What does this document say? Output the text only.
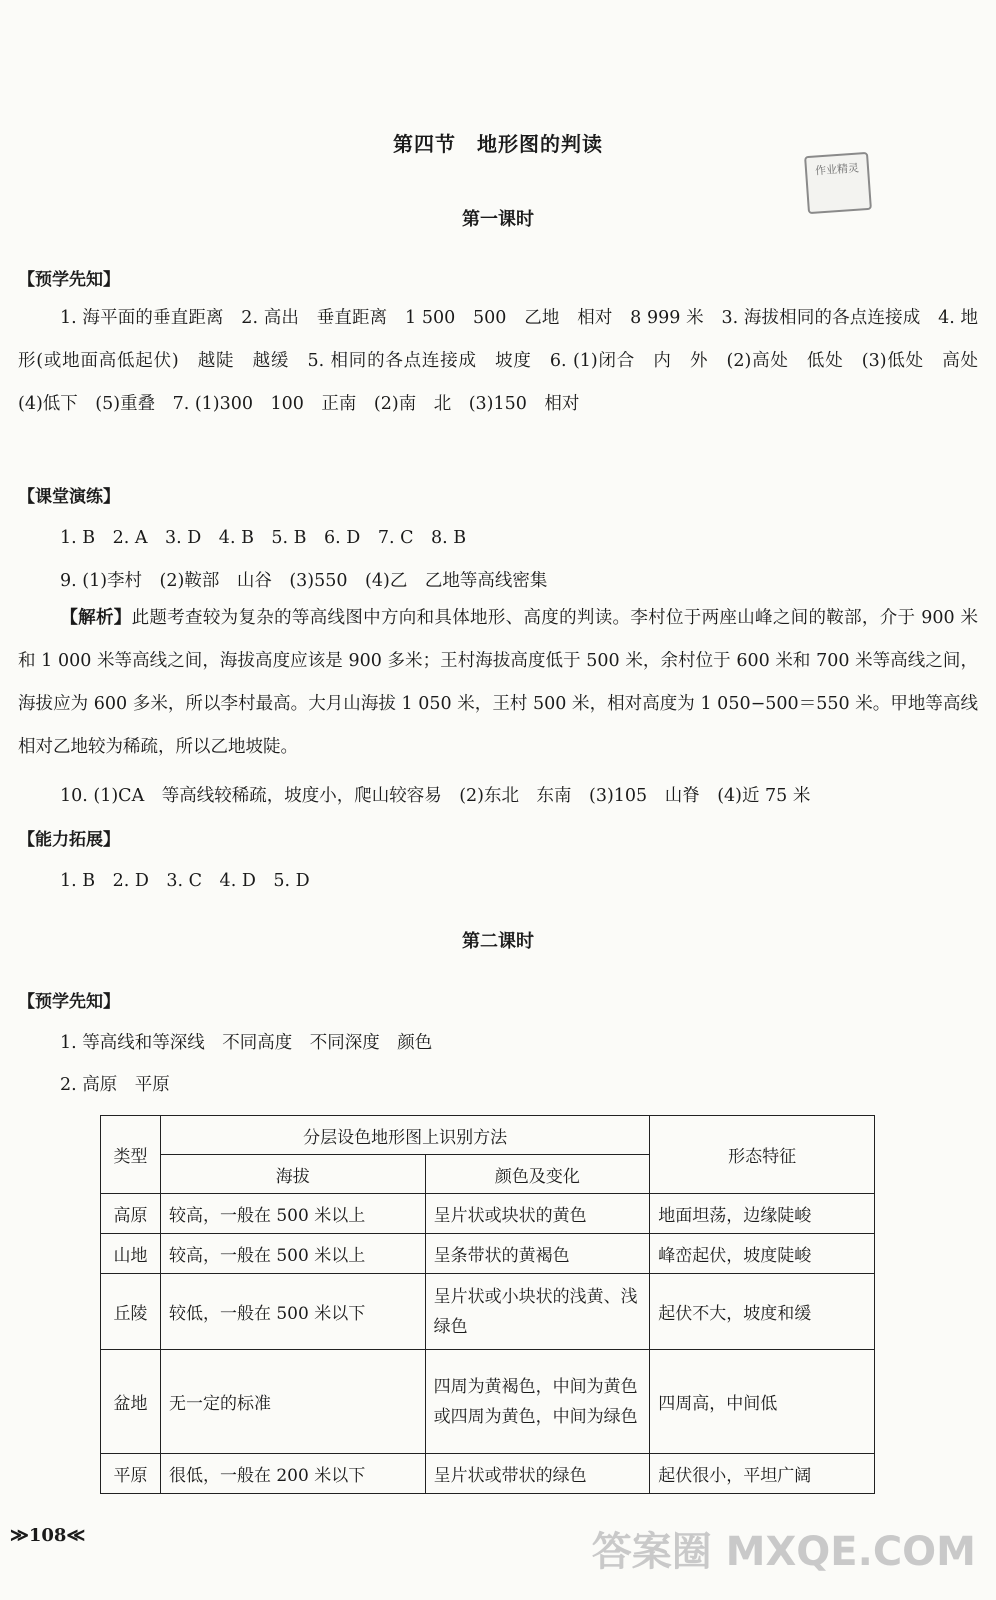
第四节　地形图的判读
作业精灵
第一课时
【预学先知】
1. 海平面的垂直距离　2. 高出　垂直距离　1 500　500　乙地　相对　8 999 米　3. 海拔相同的各点连接成　4. 地形(或地面高低起伏)　越陡　越缓　5. 相同的各点连接成　坡度　6. (1)闭合　内　外　(2)高处　低处　(3)低处　高处　(4)低下　(5)重叠　7. (1)300　100　正南　(2)南　北　(3)150　相对
【课堂演练】
1. B　2. A　3. D　4. B　5. B　6. D　7. C　8. B
9. (1)李村　(2)鞍部　山谷　(3)550　(4)乙　乙地等高线密集
【解析】此题考查较为复杂的等高线图中方向和具体地形、高度的判读。李村位于两座山峰之间的鞍部，介于 900 米和 1 000 米等高线之间，海拔高度应该是 900 多米；王村海拔高度低于 500 米，余村位于 600 米和 700 米等高线之间，海拔应为 600 多米，所以李村最高。大月山海拔 1 050 米，王村 500 米，相对高度为 1 050−500＝550 米。甲地等高线相对乙地较为稀疏，所以乙地坡陡。
10. (1)CA　等高线较稀疏，坡度小，爬山较容易　(2)东北　东南　(3)105　山脊　(4)近 75 米
【能力拓展】
1. B　2. D　3. C　4. D　5. D
第二课时
【预学先知】
1. 等高线和等深线　不同高度　不同深度　颜色
2. 高原　平原
类型	分层设色地形图上识别方法		形态特征
	海拔	颜色及变化	
高原	较高，一般在 500 米以上	呈片状或块状的黄色	地面坦荡，边缘陡峻
山地	较高，一般在 500 米以上	呈条带状的黄褐色	峰峦起伏，坡度陡峻
丘陵	较低，一般在 500 米以下	呈片状或小块状的浅黄、浅绿色	起伏不大，坡度和缓
盆地	无一定的标准	四周为黄褐色，中间为黄色或四周为黄色，中间为绿色	四周高，中间低
平原	很低，一般在 200 米以下	呈片状或带状的绿色	起伏很小，平坦广阔
≫108≪	答案圈 MXQE.COM
